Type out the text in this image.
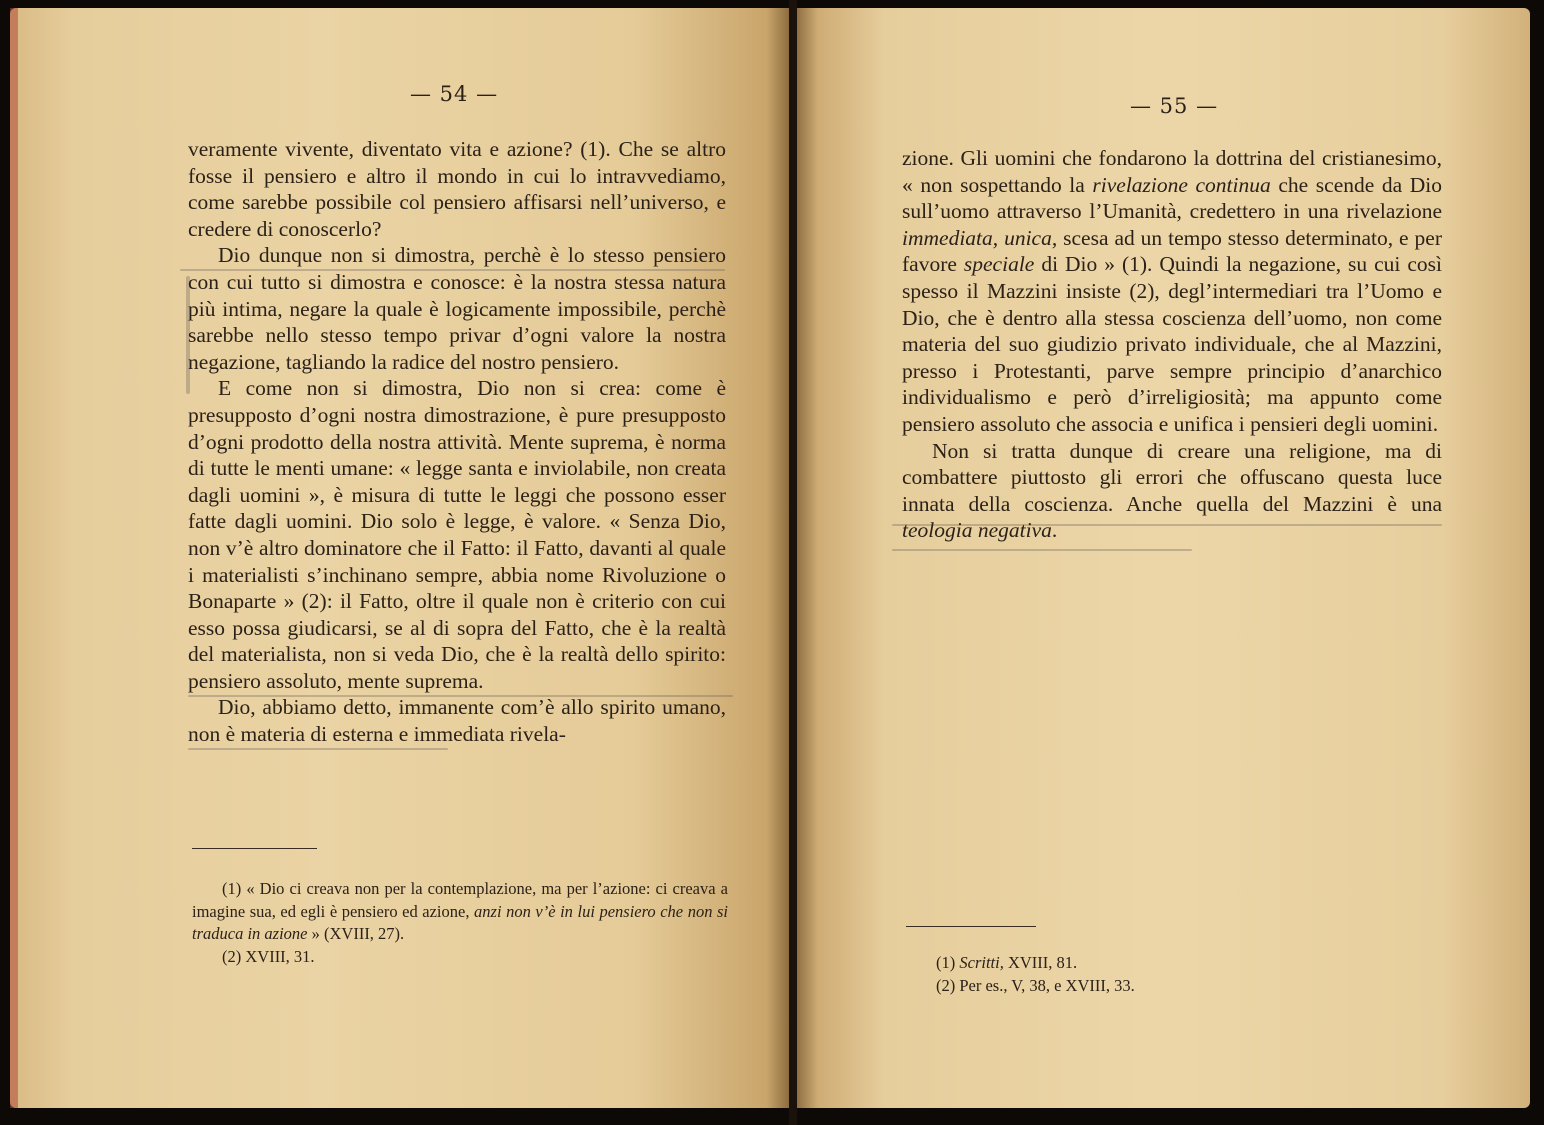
— 54 —

veramente vivente, diventato vita e azione? (1). Che se altro fosse il pensiero e altro il mondo in cui lo intravvediamo, come sarebbe possibile col pensiero affisarsi nell’universo, e credere di conoscerlo?

Dio dunque non si dimostra, perchè è lo stesso pensiero con cui tutto si dimostra e conosce: è la nostra stessa natura più intima, negare la quale è logicamente impossibile, perchè sarebbe nello stesso tempo privar d’ogni valore la nostra negazione, tagliando la radice del nostro pensiero.

E come non si dimostra, Dio non si crea: come è presupposto d’ogni nostra dimostrazione, è pure presupposto d’ogni prodotto della nostra attività. Mente suprema, è norma di tutte le menti umane: « legge santa e inviolabile, non creata dagli uomini », è misura di tutte le leggi che possono esser fatte dagli uomini. Dio solo è legge, è valore. « Senza Dio, non v’è altro dominatore che il Fatto: il Fatto, davanti al quale i materialisti s’inchinano sempre, abbia nome Rivoluzione o Bonaparte » (2): il Fatto, oltre il quale non è criterio con cui esso possa giudicarsi, se al di sopra del Fatto, che è la realtà del materialista, non si veda Dio, che è la realtà dello spirito: pensiero assoluto, mente suprema.

Dio, abbiamo detto, immanente com’è allo spirito umano, non è materia di esterna e immediata rivela-

(1) « Dio ci creava non per la contemplazione, ma per l’azione: ci creava a imagine sua, ed egli è pensiero ed azione, anzi non v’è in lui pensiero che non si traduca in azione » (XVIII, 27).

(2) XVIII, 31.

— 55 —

zione. Gli uomini che fondarono la dottrina del cristianesimo, « non sospettando la rivelazione continua che scende da Dio sull’uomo attraverso l’Umanità, credettero in una rivelazione immediata, unica, scesa ad un tempo stesso determinato, e per favore speciale di Dio » (1). Quindi la negazione, su cui così spesso il Mazzini insiste (2), degl’intermediari tra l’Uomo e Dio, che è dentro alla stessa coscienza dell’uomo, non come materia del suo giudizio privato individuale, che al Mazzini, presso i Protestanti, parve sempre principio d’anarchico individualismo e però d’irreligiosità; ma appunto come pensiero assoluto che associa e unifica i pensieri degli uomini.

Non si tratta dunque di creare una religione, ma di combattere piuttosto gli errori che offuscano questa luce innata della coscienza. Anche quella del Mazzini è una teologia negativa.

(1) Scritti, XVIII, 81.

(2) Per es., V, 38, e XVIII, 33.
